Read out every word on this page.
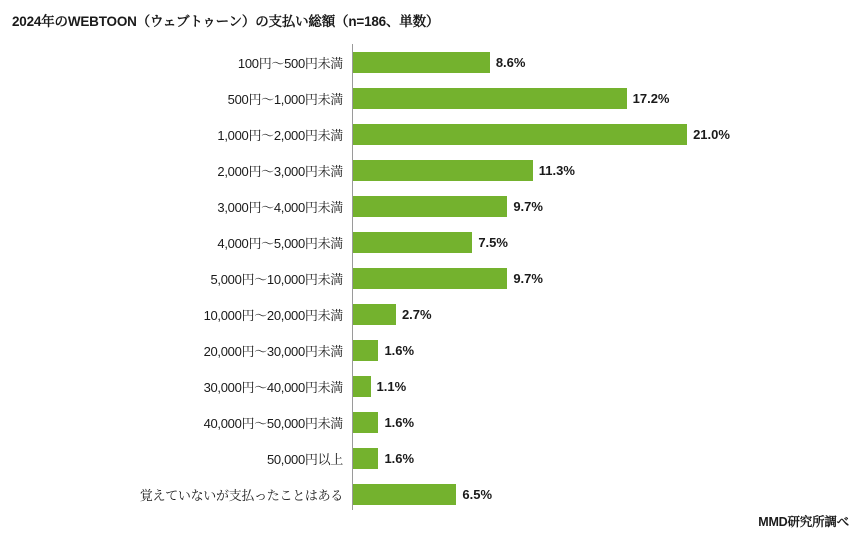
2024年のWEBTOON（ウェブトゥーン）の支払い総額（n=186、単数）
100円〜500円未満	8.6%
500円〜1,000円未満	17.2%
1,000円〜2,000円未満	21.0%
2,000円〜3,000円未満	11.3%
3,000円〜4,000円未満	9.7%
4,000円〜5,000円未満	7.5%
5,000円〜10,000円未満	9.7%
10,000円〜20,000円未満	2.7%
20,000円〜30,000円未満	1.6%
30,000円〜40,000円未満	1.1%
40,000円〜50,000円未満	1.6%
50,000円以上	1.6%
覚えていないが支払ったことはある	6.5%
MMD研究所調べ
